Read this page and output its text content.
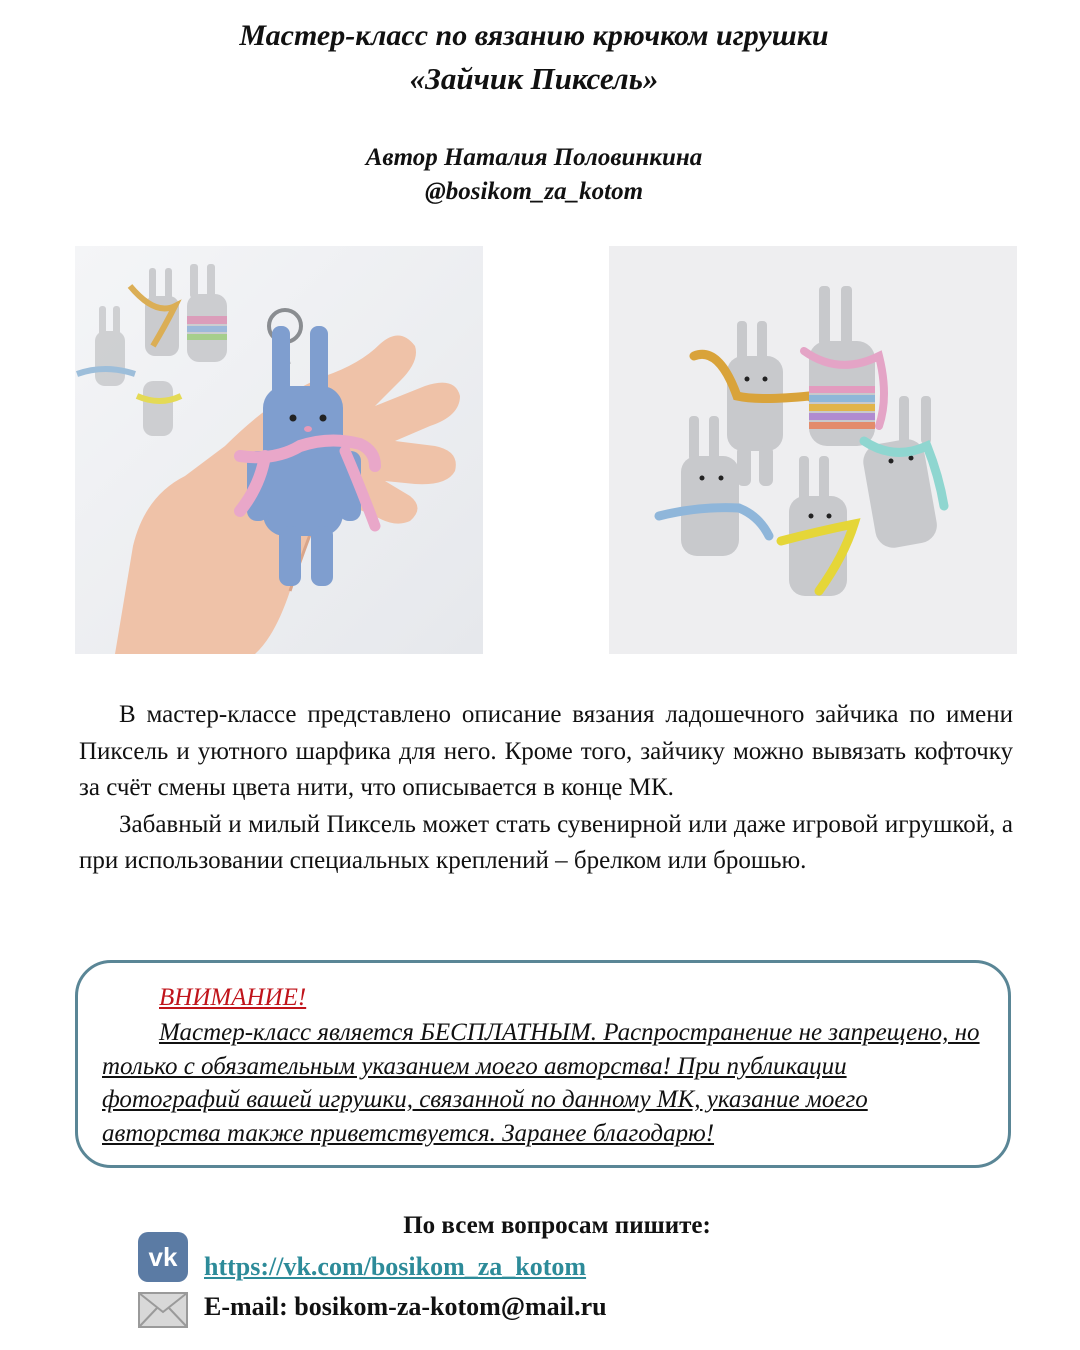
Мастер-класс по вязанию крючком игрушки
«Зайчик Пиксель»
Автор Наталия Половинкина
@bosikom_za_kotom

В мастер-классе представлено описание вязания ладошечного зайчика по имени Пиксель и уютного шарфика для него. Кроме того, зайчику можно вывязать кофточку за счёт смены цвета нити, что описывается в конце МК.

Забавный и милый Пиксель может стать сувенирной или даже игровой игрушкой, а при использовании специальных креплений – брелком или брошью.

ВНИМАНИЕ!
Мастер-класс является БЕСПЛАТНЫМ. Распространение не запрещено, но только с обязательным указанием моего авторства! При публикации фотографий вашей игрушки, связанной по данному МК, указание моего авторства также приветствуется. Заранее благодарю!
По всем вопросам пишите:
vk https://vk.com/bosikom_za_kotom
E-mail: bosikom-za-kotom@mail.ru
